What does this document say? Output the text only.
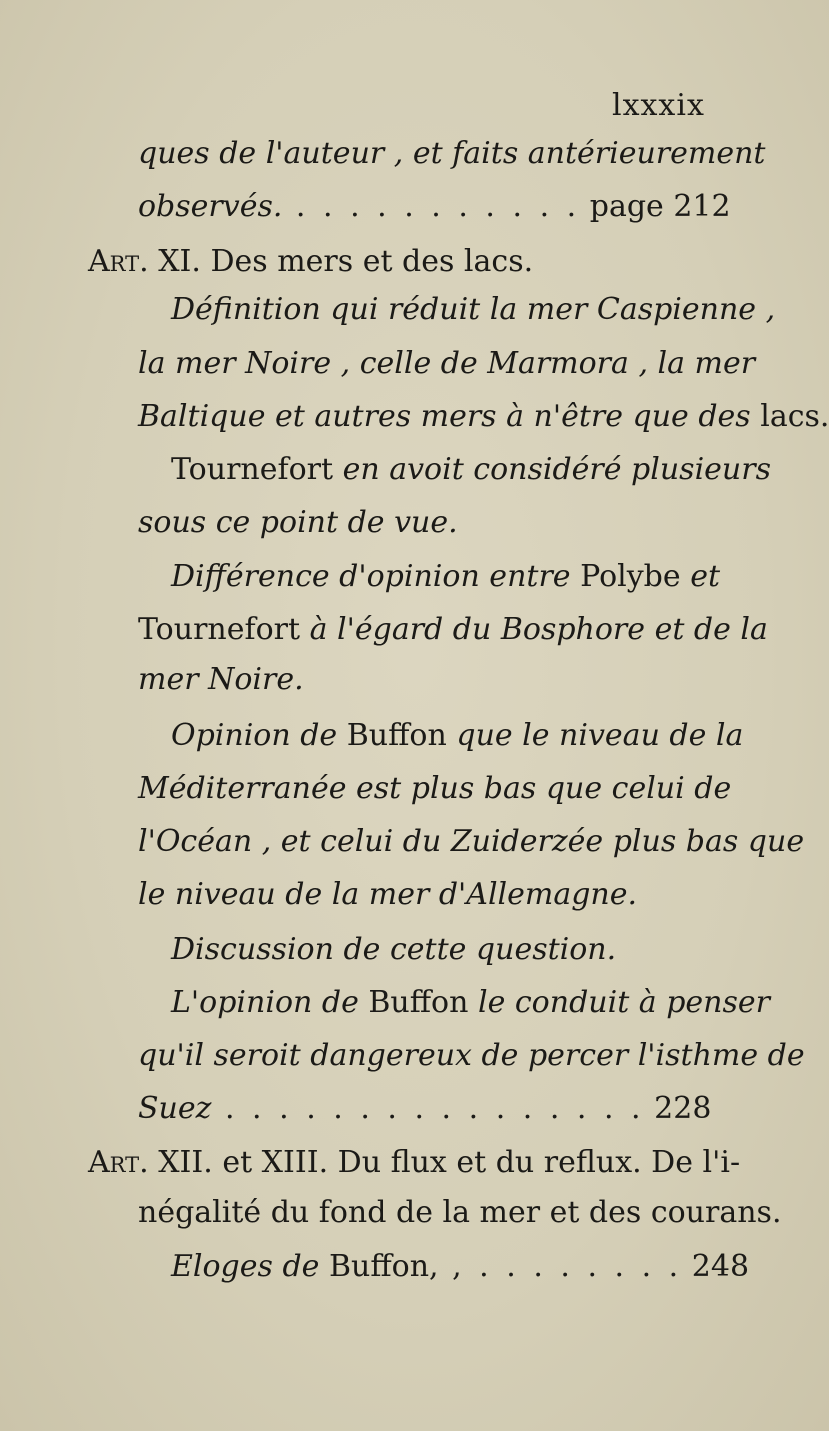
lxxxix
ques de l'auteur , et faits antérieurement
observés. . . . . . . . . . . . page 212
Art. XI. Des mers et des lacs.
Définition qui réduit la mer Caspienne ,
la mer Noire , celle de Marmora , la mer
Baltique et autres mers à n'être que des lacs.
Tournefort en avoit considéré plusieurs
sous ce point de vue.
Différence d'opinion entre Polybe et
Tournefort à l'égard du Bosphore et de la
mer Noire.
Opinion de Buffon que le niveau de la
Méditerranée est plus bas que celui de
l'Océan , et celui du Zuiderzée plus bas que
le niveau de la mer d'Allemagne.
Discussion de cette question.
L'opinion de Buffon le conduit à penser
qu'il seroit dangereux de percer l'isthme de
Suez . . . . . . . . . . . . . . . . 228
Art. XII. et XIII. Du flux et du reflux. De l'i-
négalité du fond de la mer et des courans.
Eloges de Buffon, , . . . . . . . . 248
